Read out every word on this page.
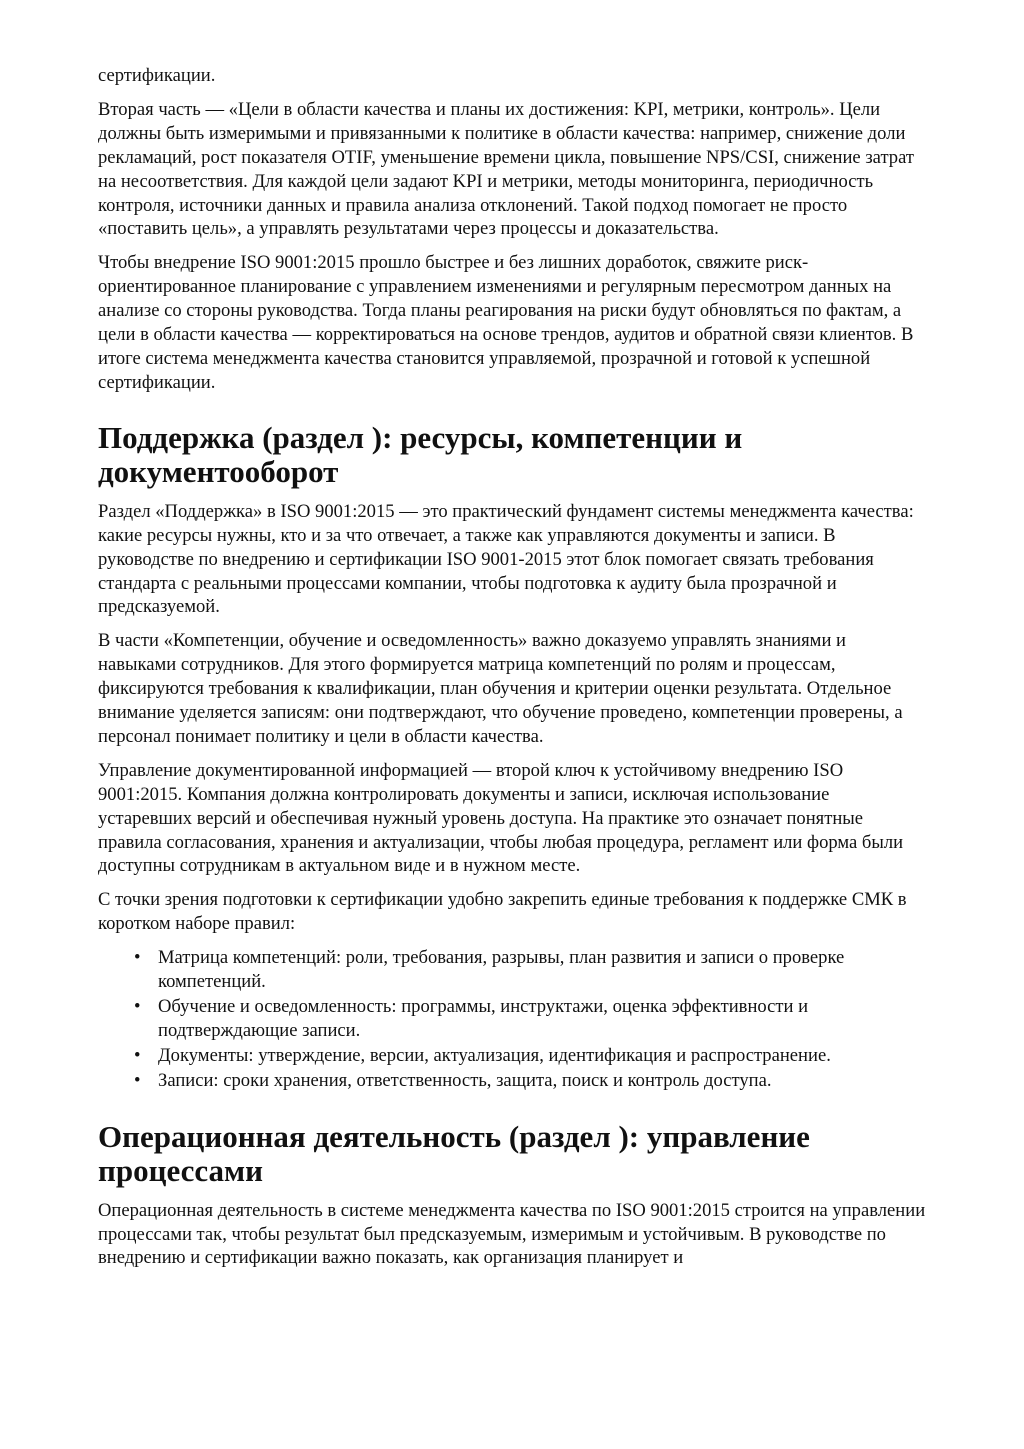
сертификации.

Вторая часть — «Цели в области качества и планы их достижения: KPI, метрики, контроль». Цели должны быть измеримыми и привязанными к политике в области качества: например, снижение доли рекламаций, рост показателя OTIF, уменьшение времени цикла, повышение NPS/CSI, снижение затрат на несоответствия. Для каждой цели задают KPI и метрики, методы мониторинга, периодичность контроля, источники данных и правила анализа отклонений. Такой подход помогает не просто «поставить цель», а управлять результатами через процессы и доказательства.

Чтобы внедрение ISO 9001:2015 прошло быстрее и без лишних доработок, свяжите риск-ориентированное планирование с управлением изменениями и регулярным пересмотром данных на анализе со стороны руководства. Тогда планы реагирования на риски будут обновляться по фактам, а цели в области качества — корректироваться на основе трендов, аудитов и обратной связи клиентов. В итоге система менеджмента качества становится управляемой, прозрачной и готовой к успешной сертификации.

Поддержка (раздел ): ресурсы, компетенции и документооборот

Раздел «Поддержка» в ISO 9001:2015 — это практический фундамент системы менеджмента качества: какие ресурсы нужны, кто и за что отвечает, а также как управляются документы и записи. В руководстве по внедрению и сертификации ISO 9001-2015 этот блок помогает связать требования стандарта с реальными процессами компании, чтобы подготовка к аудиту была прозрачной и предсказуемой.

В части «Компетенции, обучение и осведомленность» важно доказуемо управлять знаниями и навыками сотрудников. Для этого формируется матрица компетенций по ролям и процессам, фиксируются требования к квалификации, план обучения и критерии оценки результата. Отдельное внимание уделяется записям: они подтверждают, что обучение проведено, компетенции проверены, а персонал понимает политику и цели в области качества.

Управление документированной информацией — второй ключ к устойчивому внедрению ISO 9001:2015. Компания должна контролировать документы и записи, исключая использование устаревших версий и обеспечивая нужный уровень доступа. На практике это означает понятные правила согласования, хранения и актуализации, чтобы любая процедура, регламент или форма были доступны сотрудникам в актуальном виде и в нужном месте.

С точки зрения подготовки к сертификации удобно закрепить единые требования к поддержке СМК в коротком наборе правил:

• Матрица компетенций: роли, требования, разрывы, план развития и записи о проверке компетенций.
• Обучение и осведомленность: программы, инструктажи, оценка эффективности и подтверждающие записи.
• Документы: утверждение, версии, актуализация, идентификация и распространение.
• Записи: сроки хранения, ответственность, защита, поиск и контроль доступа.
Операционная деятельность (раздел ): управление процессами

Операционная деятельность в системе менеджмента качества по ISO 9001:2015 строится на управлении процессами так, чтобы результат был предсказуемым, измеримым и устойчивым. В руководстве по внедрению и сертификации важно показать, как организация планирует и
